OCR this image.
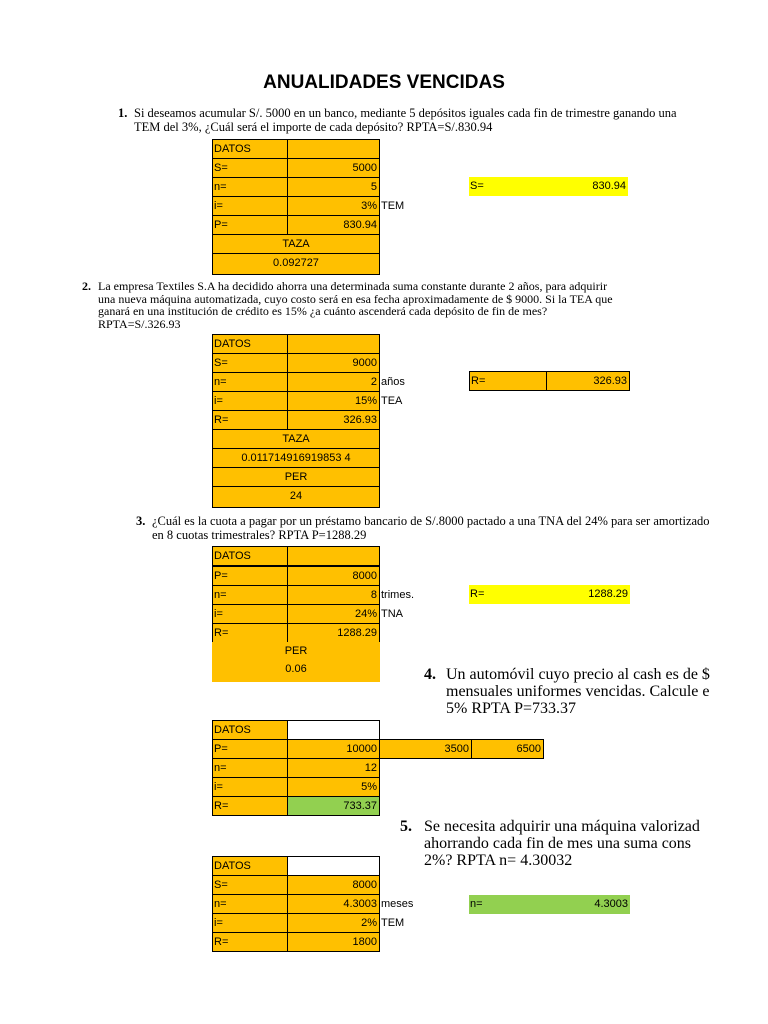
ANUALIDADES VENCIDAS

1. Si deseamos acumular S/. 5000 en un banco, mediante 5 depósitos iguales cada fin de trimestre ganando una
TEM del 3%, ¿Cuál será el importe de cada depósito? RPTA=S/.830.94

DATOS
S=	5000
n=	5
i=	3% TEM
P=	830.94
TAZA
0.092727
S=	830.94

2. La empresa Textiles S.A ha decidido ahorra una determinada suma constante durante 2 años, para adquirir
una nueva máquina automatizada, cuyo costo será en esa fecha aproximadamente de $ 9000. Si la TEA que
ganará en una institución de crédito es 15% ¿a cuánto ascenderá cada depósito de fin de mes?
RPTA=S/.326.93

DATOS
S=	9000
n=	2 años
i=	15% TEA
R=	326.93
TAZA
0.011714916919853 4
PER
24
R=	326.93

3. ¿Cuál es la cuota a pagar por un préstamo bancario de S/.8000 pactado a una TNA del 24% para ser amortizado
en 8 cuotas trimestrales? RPTA P=1288.29

DATOS
P=	8000
n=	8 trimes.
i=	24% TNA
R=	1288.29
PER
0.06
R=	1288.29

4. Un automóvil cuyo precio al cash es de $
mensuales uniformes vencidas. Calcule e
5% RPTA P=733.37

DATOS
P=	10000	3500	6500
n=	12
i=	5%
R=	733.37

5. Se necesita adquirir una máquina valorizad
ahorrando cada fin de mes una suma cons
2%? RPTA n= 4.30032

DATOS
S=	8000
n=	4.3003 meses
i=	2% TEM
R=	1800
n=	4.3003
